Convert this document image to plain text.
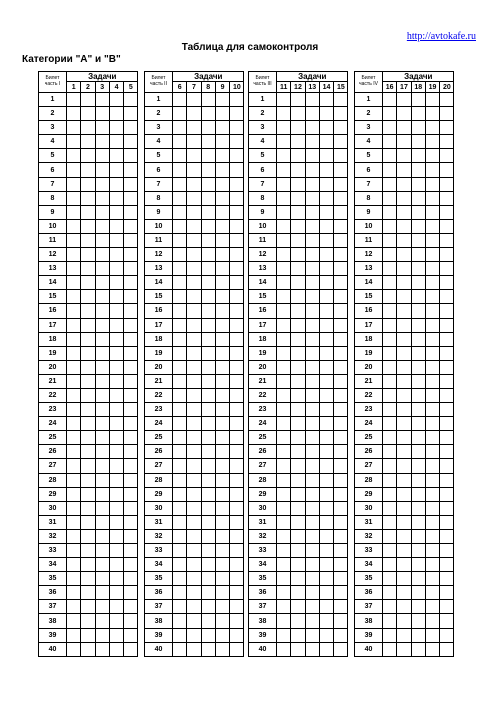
http://avtokafe.ru
Таблица для самоконтроля
Категории "A" и "B"
Билет часть I	Задачи				
	1	2	3	4	5
1					
2					
3					
4					
5					
6					
7					
8					
9					
10					
11					
12					
13					
14					
15					
16					
17					
18					
19					
20					
21					
22					
23					
24					
25					
26					
27					
28					
29					
30					
31					
32					
33					
34					
35					
36					
37					
38					
39					
40					
Билет часть II	Задачи				
	6	7	8	9	10
1					
2					
3					
4					
5					
6					
7					
8					
9					
10					
11					
12					
13					
14					
15					
16					
17					
18					
19					
20					
21					
22					
23					
24					
25					
26					
27					
28					
29					
30					
31					
32					
33					
34					
35					
36					
37					
38					
39					
40					
Билет часть III	Задачи				
	11	12	13	14	15
1					
2					
3					
4					
5					
6					
7					
8					
9					
10					
11					
12					
13					
14					
15					
16					
17					
18					
19					
20					
21					
22					
23					
24					
25					
26					
27					
28					
29					
30					
31					
32					
33					
34					
35					
36					
37					
38					
39					
40					
Билет часть IV	Задачи				
	16	17	18	19	20
1					
2					
3					
4					
5					
6					
7					
8					
9					
10					
11					
12					
13					
14					
15					
16					
17					
18					
19					
20					
21					
22					
23					
24					
25					
26					
27					
28					
29					
30					
31					
32					
33					
34					
35					
36					
37					
38					
39					
40					
